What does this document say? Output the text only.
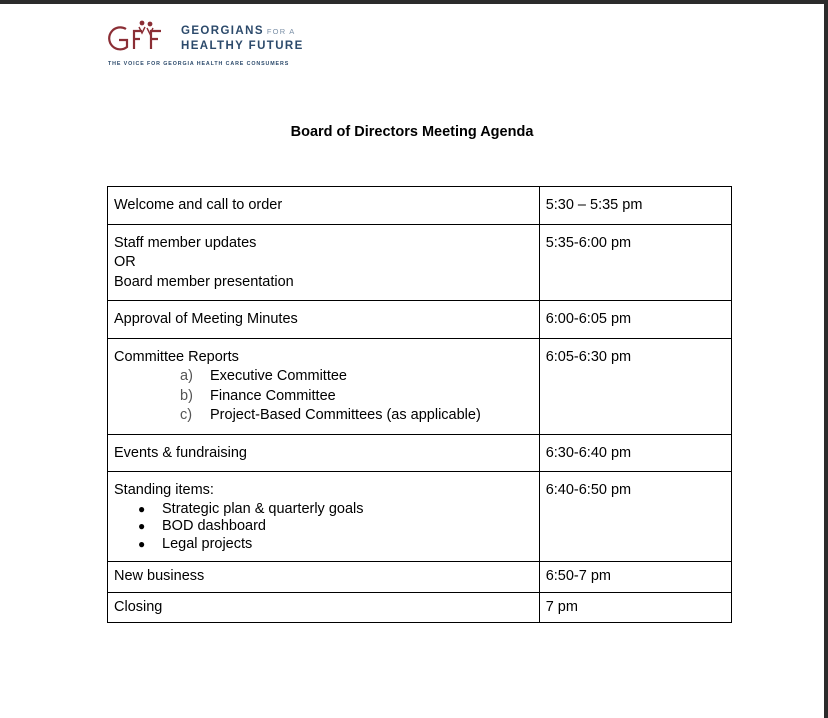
GEORGIANS FOR A
HEALTHY FUTURE
THE VOICE FOR GEORGIA HEALTH CARE CONSUMERS
Board of Directors Meeting Agenda
Welcome and call to order	5:30 – 5:35 pm

Staff member updates
OR
Board member presentation	5:35-6:00 pm
Approval of Meeting Minutes	6:00-6:05 pm

Committee Reports
a) Executive Committee
b) Finance Committee
c) Project-Based Committees (as applicable)	6:05-6:30 pm
Events & fundraising	6:30-6:40 pm

Standing items:
● Strategic plan & quarterly goals
● BOD dashboard
● Legal projects	6:40-6:50 pm
New business	6:50-7 pm
Closing	7 pm
